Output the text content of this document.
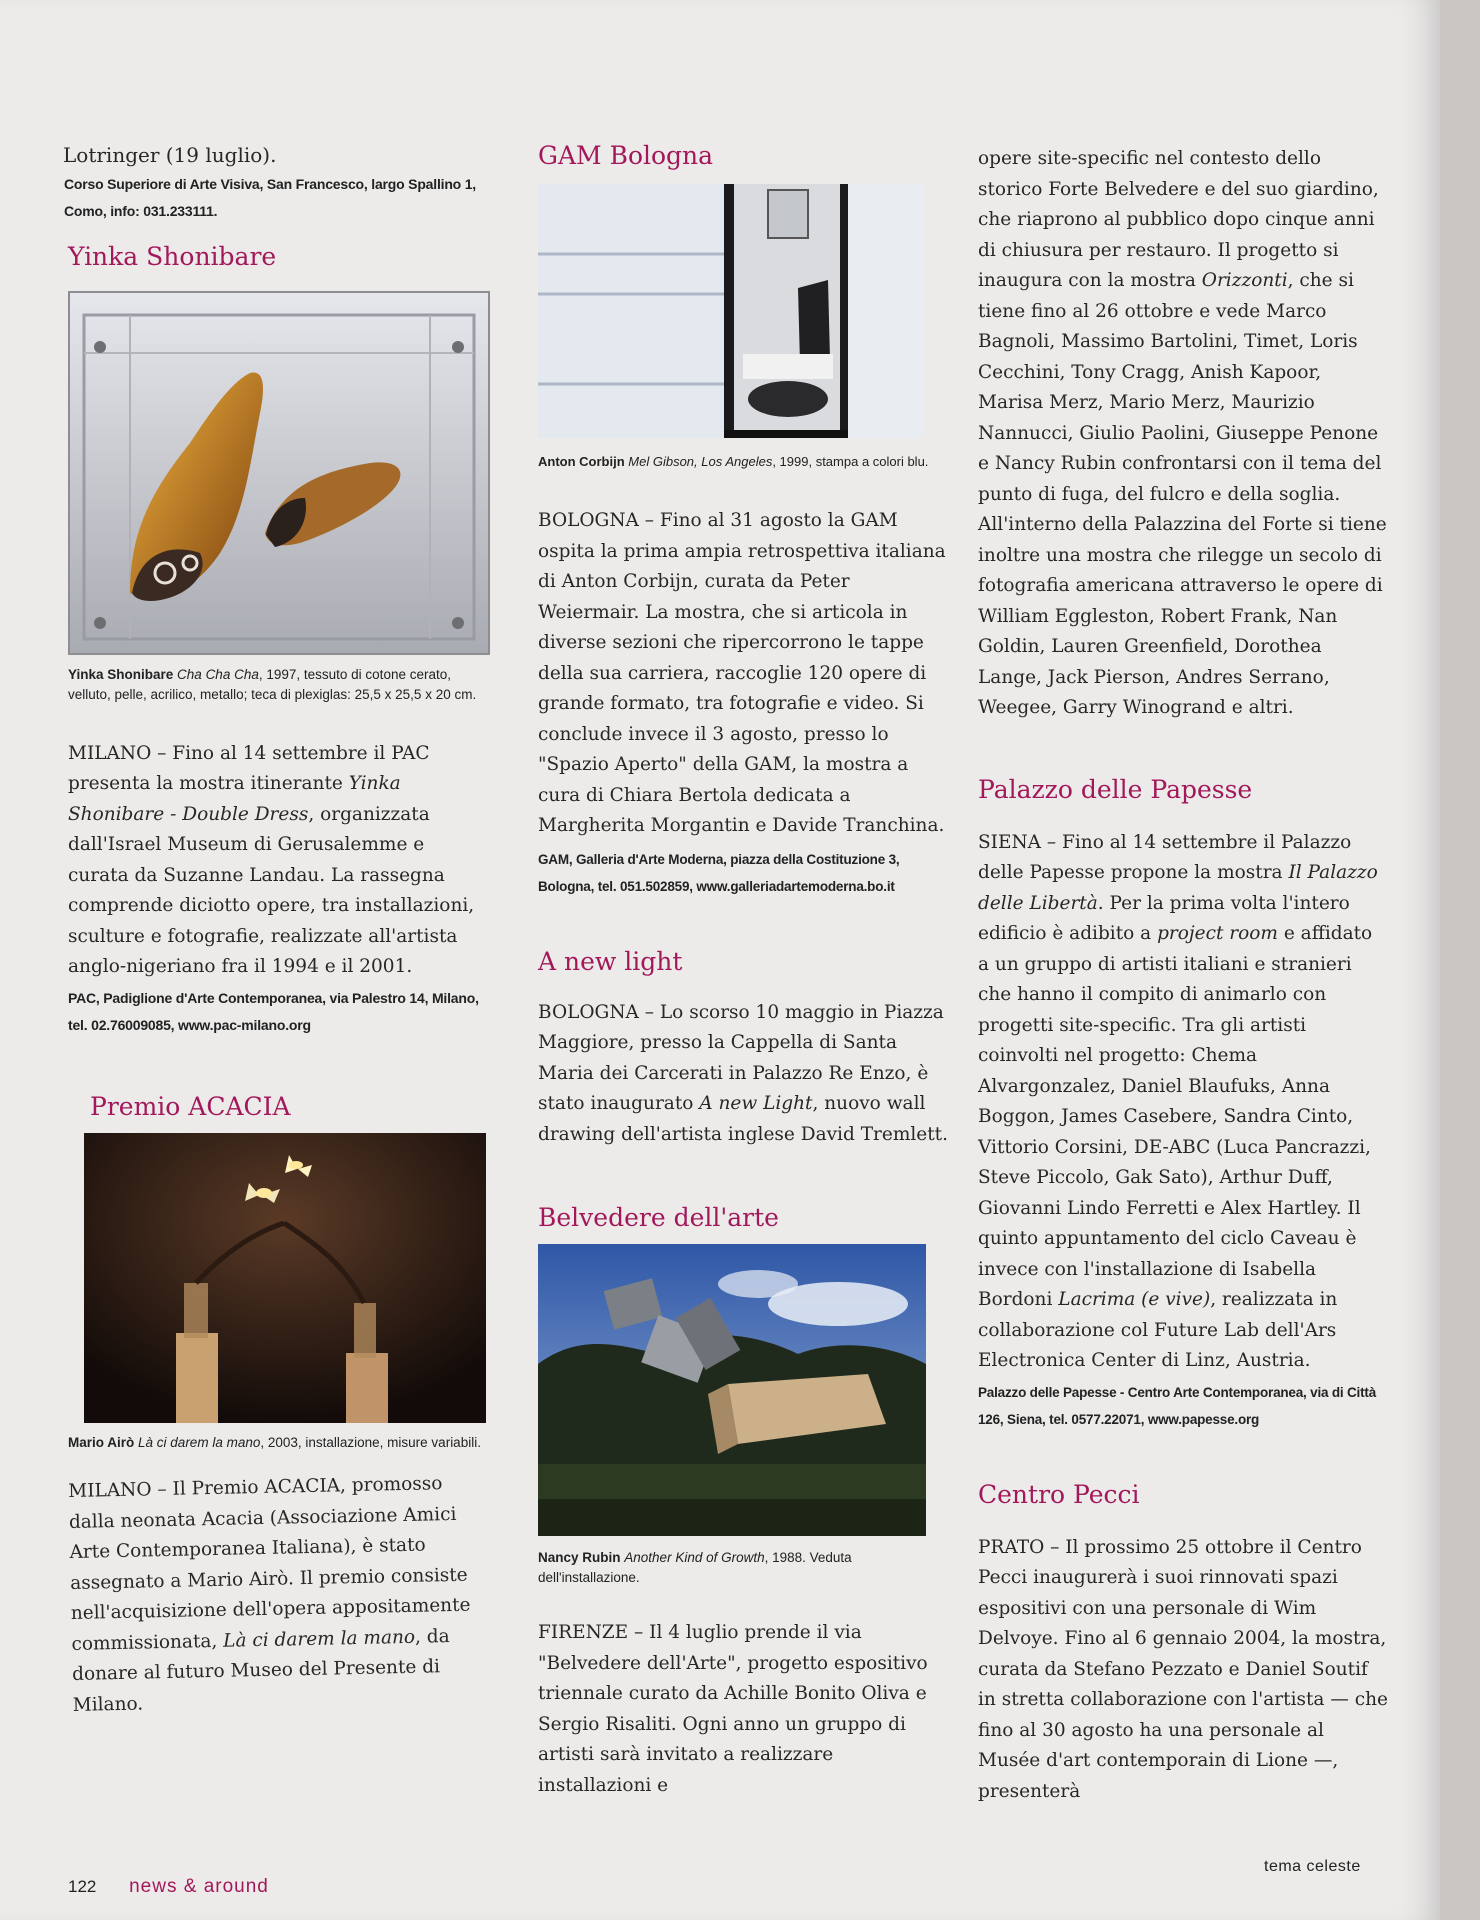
Lotringer (19 luglio).

Corso Superiore di Arte Visiva, San Francesco, largo Spallino 1, Como, info: 031.233111.

Yinka Shonibare

Yinka Shonibare Cha Cha Cha, 1997, tessuto di cotone cerato, velluto, pelle, acrilico, metallo; teca di plexiglas: 25,5 x 25,5 x 20 cm.

MILANO – Fino al 14 settembre il PAC presenta la mostra itinerante Yinka Shonibare - Double Dress, organizzata dall'Israel Museum di Gerusalemme e curata da Suzanne Landau. La rassegna comprende diciotto opere, tra installazioni, sculture e fotografie, realizzate all'artista anglo-nigeriano fra il 1994 e il 2001.

PAC, Padiglione d'Arte Contemporanea, via Palestro 14, Milano, tel. 02.76009085, www.pac-milano.org

Premio ACACIA

Mario Airò Là ci darem la mano, 2003, installazione, misure variabili.

MILANO – Il Premio ACACIA, promosso dalla neonata Acacia (Associazione Amici Arte Contemporanea Italiana), è stato assegnato a Mario Airò. Il premio consiste nell'acquisizione dell'opera appositamente commissionata, Là ci darem la mano, da donare al futuro Museo del Presente di Milano.

GAM Bologna

Anton Corbijn Mel Gibson, Los Angeles, 1999, stampa a colori blu.

BOLOGNA – Fino al 31 agosto la GAM ospita la prima ampia retrospettiva italiana di Anton Corbijn, curata da Peter Weiermair. La mostra, che si articola in diverse sezioni che ripercorrono le tappe della sua carriera, raccoglie 120 opere di grande formato, tra fotografie e video. Si conclude invece il 3 agosto, presso lo "Spazio Aperto" della GAM, la mostra a cura di Chiara Bertola dedicata a Margherita Morgantin e Davide Tranchina.

GAM, Galleria d'Arte Moderna, piazza della Costituzione 3, Bologna, tel. 051.502859, www.galleriadartemoderna.bo.it

A new light

BOLOGNA – Lo scorso 10 maggio in Piazza Maggiore, presso la Cappella di Santa Maria dei Carcerati in Palazzo Re Enzo, è stato inaugurato A new Light, nuovo wall drawing dell'artista inglese David Tremlett.

Belvedere dell'arte

Nancy Rubin Another Kind of Growth, 1988. Veduta dell'installazione.

FIRENZE – Il 4 luglio prende il via "Belvedere dell'Arte", progetto espositivo triennale curato da Achille Bonito Oliva e Sergio Risaliti. Ogni anno un gruppo di artisti sarà invitato a realizzare installazioni e

opere site-specific nel contesto dello storico Forte Belvedere e del suo giardino, che riaprono al pubblico dopo cinque anni di chiusura per restauro. Il progetto si inaugura con la mostra Orizzonti, che si tiene fino al 26 ottobre e vede Marco Bagnoli, Massimo Bartolini, Timet, Loris Cecchini, Tony Cragg, Anish Kapoor, Marisa Merz, Mario Merz, Maurizio Nannucci, Giulio Paolini, Giuseppe Penone e Nancy Rubin confrontarsi con il tema del punto di fuga, del fulcro e della soglia. All'interno della Palazzina del Forte si tiene inoltre una mostra che rilegge un secolo di fotografia americana attraverso le opere di William Eggleston, Robert Frank, Nan Goldin, Lauren Greenfield, Dorothea Lange, Jack Pierson, Andres Serrano, Weegee, Garry Winogrand e altri.

Palazzo delle Papesse

SIENA – Fino al 14 settembre il Palazzo delle Papesse propone la mostra Il Palazzo delle Libertà. Per la prima volta l'intero edificio è adibito a project room e affidato a un gruppo di artisti italiani e stranieri che hanno il compito di animarlo con progetti site-specific. Tra gli artisti coinvolti nel progetto: Chema Alvargonzalez, Daniel Blaufuks, Anna Boggon, James Casebere, Sandra Cinto, Vittorio Corsini, DE-ABC (Luca Pancrazzi, Steve Piccolo, Gak Sato), Arthur Duff, Giovanni Lindo Ferretti e Alex Hartley. Il quinto appuntamento del ciclo Caveau è invece con l'installazione di Isabella Bordoni Lacrima (e vive), realizzata in collaborazione col Future Lab dell'Ars Electronica Center di Linz, Austria.

Palazzo delle Papesse - Centro Arte Contemporanea, via di Città 126, Siena, tel. 0577.22071, www.papesse.org

Centro Pecci

PRATO – Il prossimo 25 ottobre il Centro Pecci inaugurerà i suoi rinnovati spazi espositivi con una personale di Wim Delvoye. Fino al 6 gennaio 2004, la mostra, curata da Stefano Pezzato e Daniel Soutif in stretta collaborazione con l'artista — che fino al 30 agosto ha una personale al Musée d'art contemporain di Lione —, presenterà

122 news & around
tema celeste
